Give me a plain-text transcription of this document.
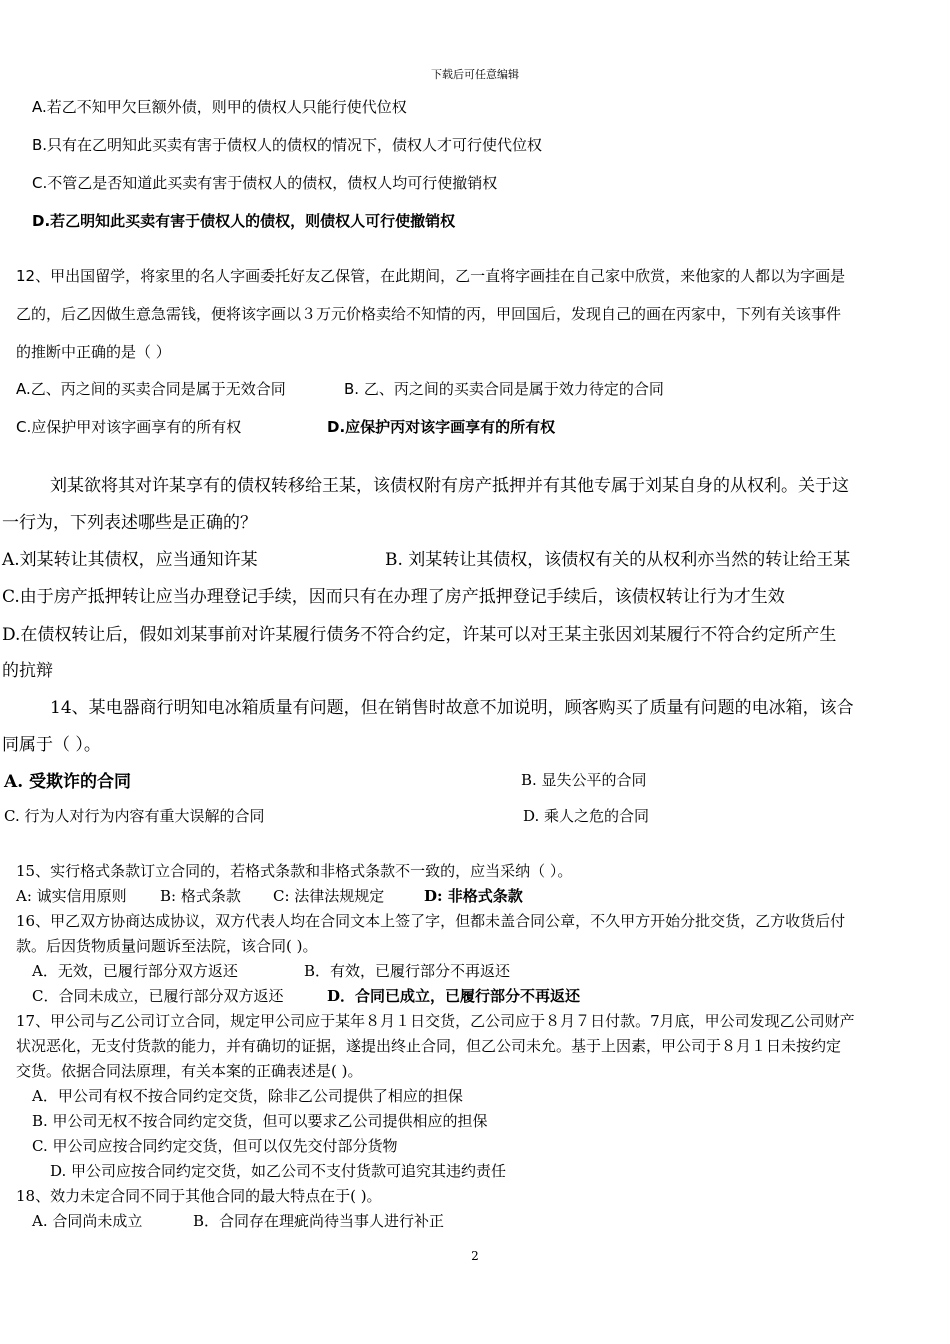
下载后可任意编辑
A.若乙不知甲欠巨额外债，则甲的债权人只能行使代位权
B.只有在乙明知此买卖有害于债权人的债权的情况下，债权人才可行使代位权
C.不管乙是否知道此买卖有害于债权人的债权，债权人均可行使撤销权
D.若乙明知此买卖有害于债权人的债权，则债权人可行使撤销权
12、甲出国留学，将家里的名人字画委托好友乙保管，在此期间，乙一直将字画挂在自己家中欣赏，来他家的人都以为字画是
乙的，后乙因做生意急需钱，便将该字画以３万元价格卖给不知情的丙，甲回国后，发现自己的画在丙家中，下列有关该事件
的推断中正确的是（ ）
A.乙、丙之间的买卖合同是属于无效合同	B. 乙、丙之间的买卖合同是属于效力待定的合同
C.应保护甲对该字画享有的所有权	D.应保护丙对该字画享有的所有权
刘某欲将其对许某享有的债权转移给王某，该债权附有房产抵押并有其他专属于刘某自身的从权利。关于这
一行为，下列表述哪些是正确的？
A.刘某转让其债权，应当通知许某	B. 刘某转让其债权，该债权有关的从权利亦当然的转让给王某
C.由于房产抵押转让应当办理登记手续，因而只有在办理了房产抵押登记手续后，该债权转让行为才生效
D.在债权转让后，假如刘某事前对许某履行债务不符合约定，许某可以对王某主张因刘某履行不符合约定所产生
的抗辩
14、某电器商行明知电冰箱质量有问题，但在销售时故意不加说明，顾客购买了质量有问题的电冰箱，该合
同属于（ ）。
A. 受欺诈的合同	B. 显失公平的合同
C. 行为人对行为内容有重大误解的合同	D. 乘人之危的合同
15、实行格式条款订立合同的，若格式条款和非格式条款不一致的，应当采纳（ ）。
A: 诚实信用原则 B: 格式条款 C: 法律法规规定	D: 非格式条款
16、甲乙双方协商达成协议，双方代表人均在合同文本上签了字，但都未盖合同公章，不久甲方开始分批交货，乙方收货后付
款。后因货物质量问题诉至法院，该合同( )。
A．无效，已履行部分双方返还	B．有效，已履行部分不再返还
C．合同未成立，已履行部分双方返还	D．合同已成立，已履行部分不再返还
17、甲公司与乙公司订立合同，规定甲公司应于某年８月１日交货，乙公司应于８月７日付款。7月底，甲公司发现乙公司财产
状况恶化，无支付货款的能力，并有确切的证据，遂提出终止合同，但乙公司未允。基于上因素，甲公司于８月１日未按约定
交货。依据合同法原理，有关本案的正确表述是( )。
A．甲公司有权不按合同约定交货，除非乙公司提供了相应的担保
B. 甲公司无权不按合同约定交货，但可以要求乙公司提供相应的担保
C. 甲公司应按合同约定交货，但可以仅先交付部分货物
D. 甲公司应按合同约定交货，如乙公司不支付货款可追究其违约责任
18、效力未定合同不同于其他合同的最大特点在于( )。
A. 合同尚未成立	B．合同存在理疵尚待当事人进行补正
2
